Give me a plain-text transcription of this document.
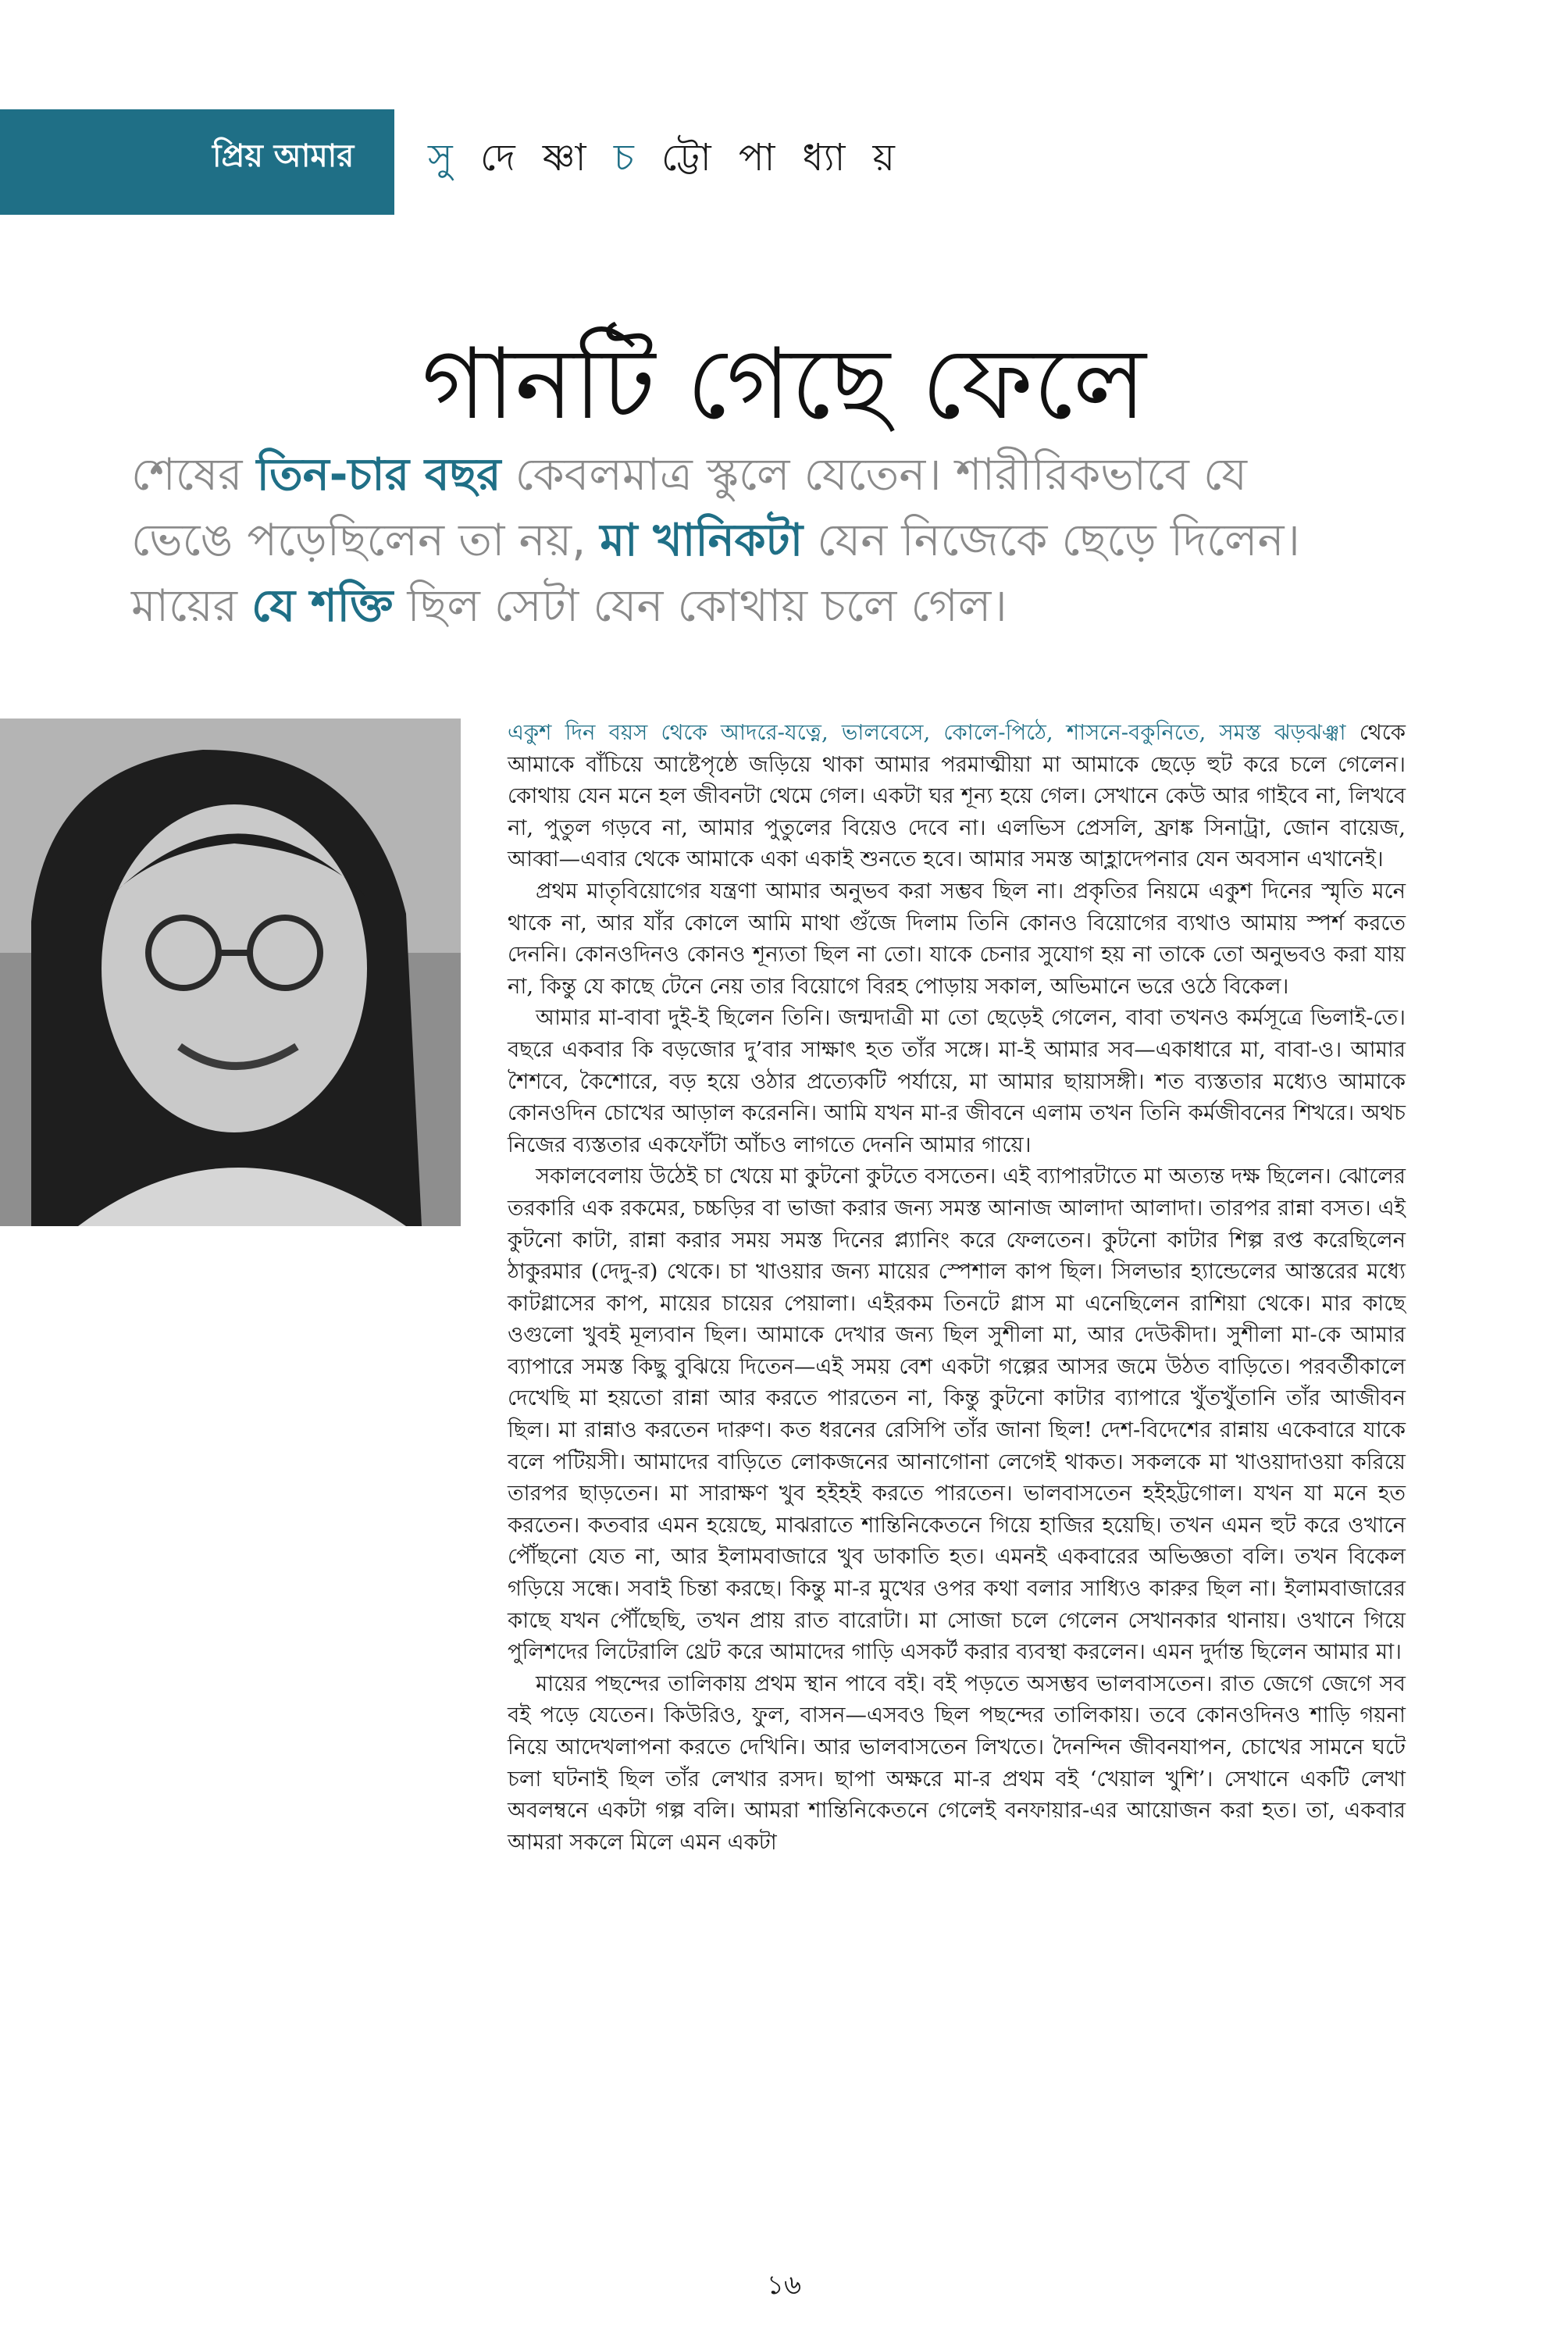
প্রিয় আমার সু দে ষ্ণা চ ট্টো পা ধ্যা য়
গানটি গেছে ফেলে
শেষের তিন-চার বছর কেবলমাত্র স্কুলে যেতেন। শারীরিকভাবে যে
ভেঙে পড়েছিলেন তা নয়, মা খানিকটা যেন নিজেকে ছেড়ে দিলেন।
মায়ের যে শক্তি ছিল সেটা যেন কোথায় চলে গেল।

একুশ দিন বয়স থেকে আদরে-যত্নে, ভালবেসে, কোলে-পিঠে, শাসনে-বকুনিতে, সমস্ত ঝড়ঝঞ্ঝা থেকে আমাকে বাঁচিয়ে আষ্টেপৃষ্ঠে জড়িয়ে থাকা আমার পরমাত্মীয়া মা আমাকে ছেড়ে হুট করে চলে গেলেন। কোথায় যেন মনে হল জীবনটা থেমে গেল। একটা ঘর শূন্য হয়ে গেল। সেখানে কেউ আর গাইবে না, লিখবে না, পুতুল গড়বে না, আমার পুতুলের বিয়েও দেবে না। এলভিস প্রেসলি, ফ্রাঙ্ক সিনাট্রা, জোন বায়েজ, আব্বা—এবার থেকে আমাকে একা একাই শুনতে হবে। আমার সমস্ত আহ্লাদেপনার যেন অবসান এখানেই।

প্রথম মাতৃবিয়োগের যন্ত্রণা আমার অনুভব করা সম্ভব ছিল না। প্রকৃতির নিয়মে একুশ দিনের স্মৃতি মনে থাকে না, আর যাঁর কোলে আমি মাথা গুঁজে দিলাম তিনি কোনও বিয়োগের ব্যথাও আমায় স্পর্শ করতে দেননি। কোনওদিনও কোনও শূন্যতা ছিল না তো। যাকে চেনার সুযোগ হয় না তাকে তো অনুভবও করা যায় না, কিন্তু যে কাছে টেনে নেয় তার বিয়োগে বিরহ পোড়ায় সকাল, অভিমানে ভরে ওঠে বিকেল।

আমার মা-বাবা দুই-ই ছিলেন তিনি। জন্মদাত্রী মা তো ছেড়েই গেলেন, বাবা তখনও কর্মসূত্রে ভিলাই-তে। বছরে একবার কি বড়জোর দু’বার সাক্ষাৎ হত তাঁর সঙ্গে। মা-ই আমার সব—একাধারে মা, বাবা-ও। আমার শৈশবে, কৈশোরে, বড় হয়ে ওঠার প্রত্যেকটি পর্যায়ে, মা আমার ছায়াসঙ্গী। শত ব্যস্ততার মধ্যেও আমাকে কোনওদিন চোখের আড়াল করেননি। আমি যখন মা-র জীবনে এলাম তখন তিনি কর্মজীবনের শিখরে। অথচ নিজের ব্যস্ততার একফোঁটা আঁচও লাগতে দেননি আমার গায়ে।

সকালবেলায় উঠেই চা খেয়ে মা কুটনো কুটতে বসতেন। এই ব্যাপারটাতে মা অত্যন্ত দক্ষ ছিলেন। ঝোলের তরকারি এক রকমের, চচ্চড়ির বা ভাজা করার জন্য সমস্ত আনাজ আলাদা আলাদা। তারপর রান্না বসত। এই কুটনো কাটা, রান্না করার সময় সমস্ত দিনের প্ল্যানিং করে ফেলতেন। কুটনো কাটার শিল্প রপ্ত করেছিলেন ঠাকুরমার (দেদু-র) থেকে। চা খাওয়ার জন্য মায়ের স্পেশাল কাপ ছিল। সিলভার হ্যান্ডেলের আস্তরের মধ্যে কাটগ্লাসের কাপ, মায়ের চায়ের পেয়ালা। এইরকম তিনটে গ্লাস মা এনেছিলেন রাশিয়া থেকে। মার কাছে ওগুলো খুবই মূল্যবান ছিল। আমাকে দেখার জন্য ছিল সুশীলা মা, আর দেউকীদা। সুশীলা মা-কে আমার ব্যাপারে সমস্ত কিছু বুঝিয়ে দিতেন—এই সময় বেশ একটা গল্পের আসর জমে উঠত বাড়িতে। পরবর্তীকালে দেখেছি মা হয়তো রান্না আর করতে পারতেন না, কিন্তু কুটনো কাটার ব্যাপারে খুঁতখুঁতানি তাঁর আজীবন ছিল। মা রান্নাও করতেন দারুণ। কত ধরনের রেসিপি তাঁর জানা ছিল! দেশ-বিদেশের রান্নায় একেবারে যাকে বলে পটিয়সী। আমাদের বাড়িতে লোকজনের আনাগোনা লেগেই থাকত। সকলকে মা খাওয়াদাওয়া করিয়ে তারপর ছাড়তেন। মা সারাক্ষণ খুব হইহই করতে পারতেন। ভালবাসতেন হইহট্টগোল। যখন যা মনে হত করতেন। কতবার এমন হয়েছে, মাঝরাতে শান্তিনিকেতনে গিয়ে হাজির হয়েছি। তখন এমন হুট করে ওখানে পৌঁছনো যেত না, আর ইলামবাজারে খুব ডাকাতি হত। এমনই একবারের অভিজ্ঞতা বলি। তখন বিকেল গড়িয়ে সন্ধে। সবাই চিন্তা করছে। কিন্তু মা-র মুখের ওপর কথা বলার সাধ্যিও কারুর ছিল না। ইলামবাজারের কাছে যখন পৌঁছেছি, তখন প্রায় রাত বারোটা। মা সোজা চলে গেলেন সেখানকার থানায়। ওখানে গিয়ে পুলিশদের লিটেরালি থ্রেট করে আমাদের গাড়ি এসকর্ট করার ব্যবস্থা করলেন। এমন দুর্দান্ত ছিলেন আমার মা।

মায়ের পছন্দের তালিকায় প্রথম স্থান পাবে বই। বই পড়তে অসম্ভব ভালবাসতেন। রাত জেগে জেগে সব বই পড়ে যেতেন। কিউরিও, ফুল, বাসন—এসবও ছিল পছন্দের তালিকায়। তবে কোনওদিনও শাড়ি গয়না নিয়ে আদেখলাপনা করতে দেখিনি। আর ভালবাসতেন লিখতে। দৈনন্দিন জীবনযাপন, চোখের সামনে ঘটে চলা ঘটনাই ছিল তাঁর লেখার রসদ। ছাপা অক্ষরে মা-র প্রথম বই ‘খেয়াল খুশি’। সেখানে একটি লেখা অবলম্বনে একটা গল্প বলি। আমরা শান্তিনিকেতনে গেলেই বনফায়ার-এর আয়োজন করা হত। তা, একবার আমরা সকলে মিলে এমন একটা

১৬
